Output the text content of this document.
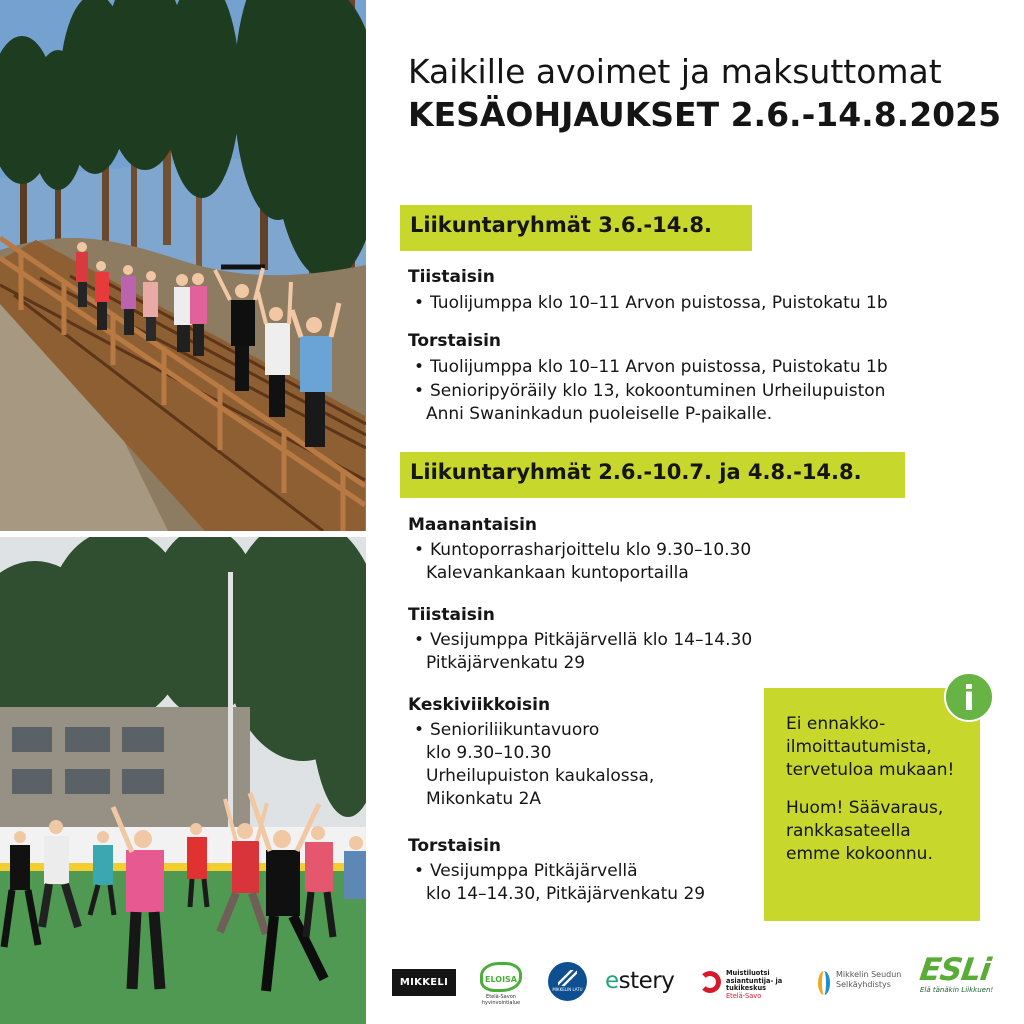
Kaikille avoimet ja maksuttomat
KESÄOHJAUKSET 2.6.-14.8.2025
Liikuntaryhmät 3.6.-14.8.
Tiistaisin
• Tuolijumppa klo 10–11 Arvon puistossa, Puistokatu 1b
Torstaisin
• Tuolijumppa klo 10–11 Arvon puistossa, Puistokatu 1b
• Senioripyöräily klo 13, kokoontuminen Urheilupuiston
Anni Swaninkadun puoleiselle P-paikalle.
Liikuntaryhmät 2.6.-10.7. ja 4.8.-14.8.
Maanantaisin
• Kuntoporrasharjoittelu klo 9.30–10.30
Kalevankankaan kuntoportailla
Tiistaisin
• Vesijumppa Pitkäjärvellä klo 14–14.30
Pitkäjärvenkatu 29
Keskiviikkoisin
• Senioriliikuntavuoro
klo 9.30–10.30
Urheilupuiston kaukalossa,
Mikonkatu 2A
Torstaisin
• Vesijumppa Pitkäjärvellä
klo 14–14.30, Pitkäjärvenkatu 29

Ei ennakko-ilmoittautumista, tervetuloa mukaan!

Huom! Säävaraus, rankkasateella emme kokoonnu.

i
MIKKELI	ELOISA
Etelä-Savon hyvinvointialue
MIKKELIN LATU estery	Muistiluotsi
asiantuntija- ja tukikeskus
Etelä-Savo
Mikkelin Seudun
Selkäyhdistys ESLi
Elä tänäkin Liikkuen!
